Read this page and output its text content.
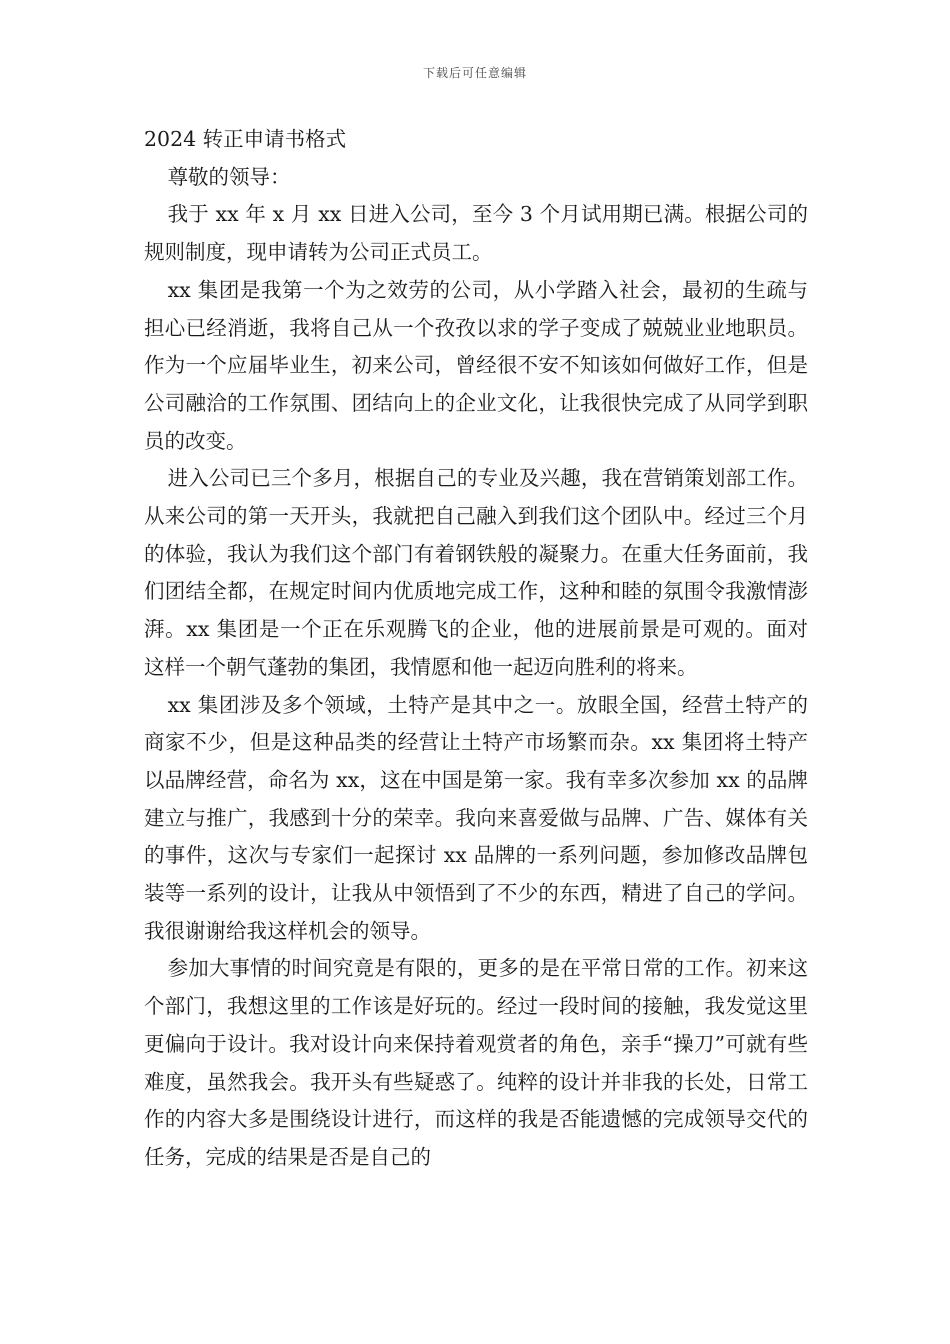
下载后可任意编辑
2024 转正申请书格式

尊敬的领导：

我于 xx 年 x 月 xx 日进入公司，至今 3 个月试用期已满。根据公司的规则制度，现申请转为公司正式员工。

xx 集团是我第一个为之效劳的公司，从小学踏入社会，最初的生疏与担心已经消逝，我将自己从一个孜孜以求的学子变成了兢兢业业地职员。作为一个应届毕业生，初来公司，曾经很不安不知该如何做好工作，但是公司融洽的工作氛围、团结向上的企业文化，让我很快完成了从同学到职员的改变。

进入公司已三个多月，根据自己的专业及兴趣，我在营销策划部工作。从来公司的第一天开头，我就把自己融入到我们这个团队中。经过三个月的体验，我认为我们这个部门有着钢铁般的凝聚力。在重大任务面前，我们团结全都，在规定时间内优质地完成工作，这种和睦的氛围令我激情澎湃。xx 集团是一个正在乐观腾飞的企业，他的进展前景是可观的。面对这样一个朝气蓬勃的集团，我情愿和他一起迈向胜利的将来。

xx 集团涉及多个领域，土特产是其中之一。放眼全国，经营土特产的商家不少，但是这种品类的经营让土特产市场繁而杂。xx 集团将土特产以品牌经营，命名为 xx，这在中国是第一家。我有幸多次参加 xx 的品牌建立与推广，我感到十分的荣幸。我向来喜爱做与品牌、广告、媒体有关的事件，这次与专家们一起探讨 xx 品牌的一系列问题，参加修改品牌包装等一系列的设计，让我从中领悟到了不少的东西，精进了自己的学问。我很谢谢给我这样机会的领导。

参加大事情的时间究竟是有限的，更多的是在平常日常的工作。初来这个部门，我想这里的工作该是好玩的。经过一段时间的接触，我发觉这里更偏向于设计。我对设计向来保持着观赏者的角色，亲手“操刀”可就有些难度，虽然我会。我开头有些疑惑了。纯粹的设计并非我的长处，日常工作的内容大多是围绕设计进行，而这样的我是否能遗憾的完成领导交代的任务，完成的结果是否是自己的
